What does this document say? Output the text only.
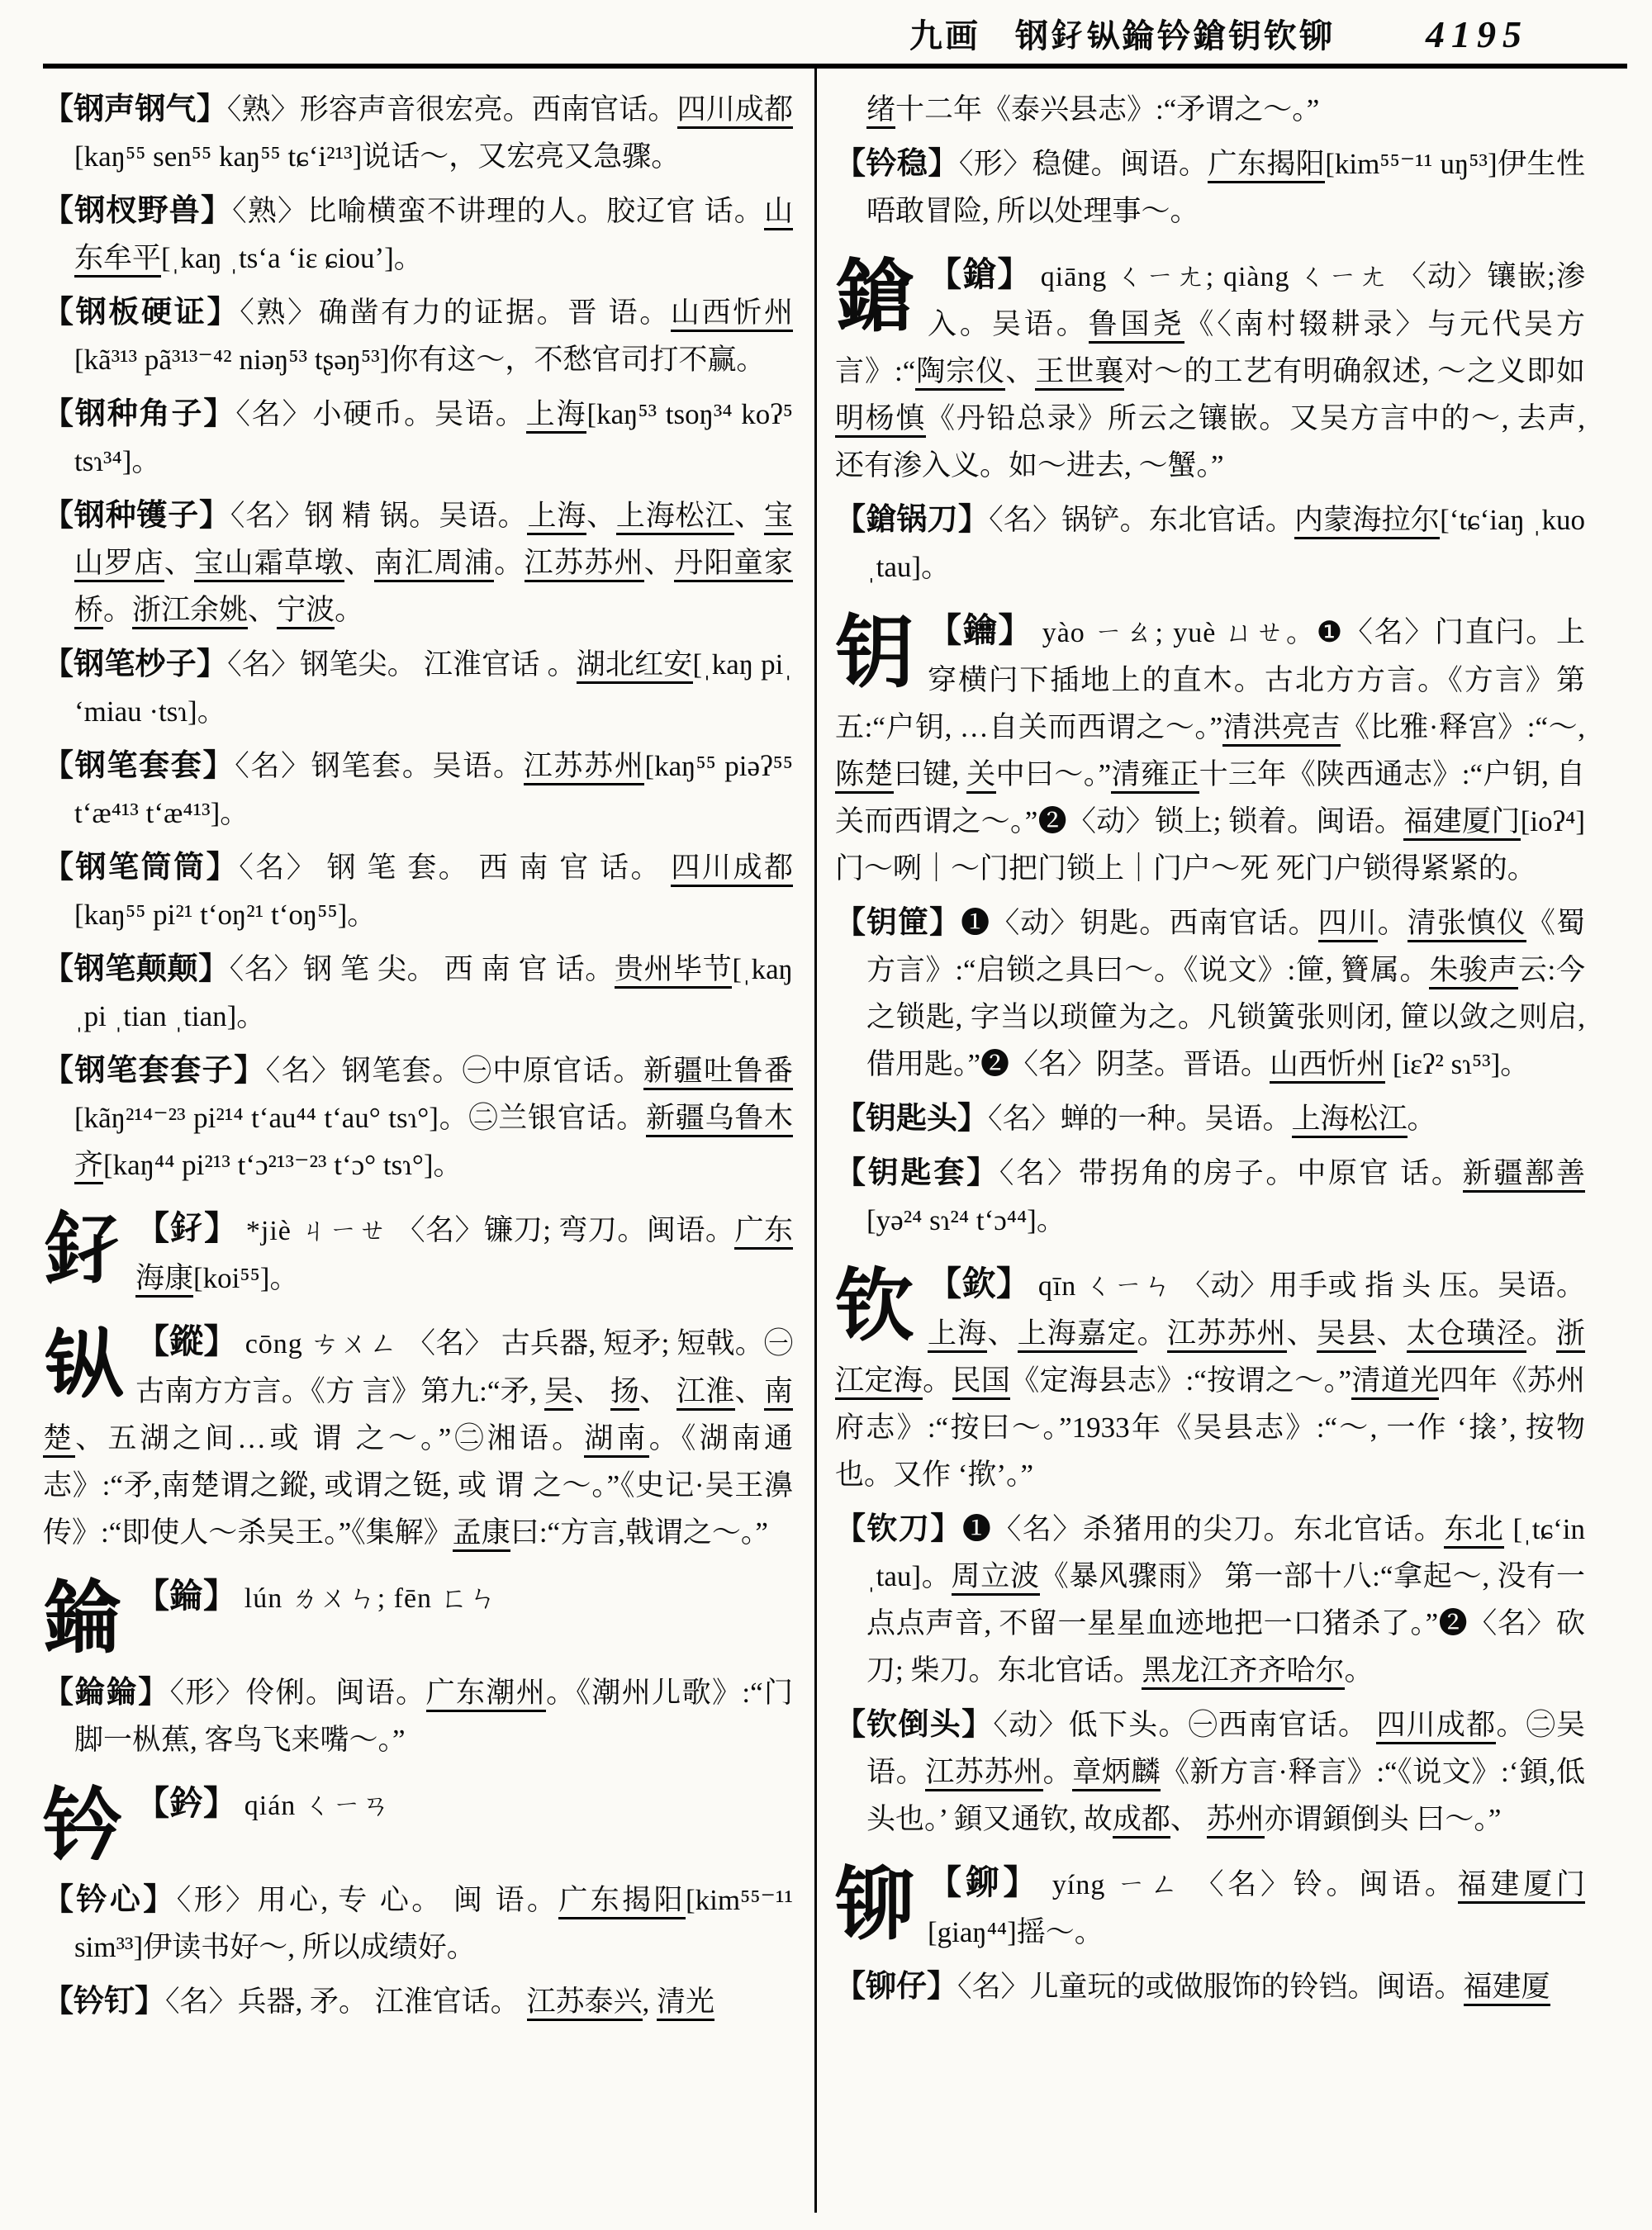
九画 钢𨥂𫓩錀钤鎗钥钦铆 4195
【钢声钢气】〈熟〉形容声音很宏亮。西南官话。四川成都[kaŋ⁵⁵ sen⁵⁵ kaŋ⁵⁵ tɕʻi²¹³]说话～，又宏亮又急骤。
【钢杈野兽】〈熟〉比喻横蛮不讲理的人。胶辽官 话。山东牟平[ˌkaŋ ˌtsʻa ʻiɛ ɕiouʼ]。
【钢板硬证】〈熟〉确凿有力的证据。晋 语。山西忻州[kã³¹³ pã³¹³⁻⁴² niəŋ⁵³ tʂəŋ⁵³]你有这～，不愁官司打不赢。
【钢种角子】〈名〉小硬币。吴语。上海[kaŋ⁵³ tsoŋ³⁴ koʔ⁵ tsɿ³⁴]。
【钢种镬子】〈名〉钢 精 锅。吴语。上海、上海松江、宝山罗店、宝山霜草墩、南汇周浦。江苏苏州、丹阳童家桥。浙江余姚、宁波。
【钢笔杪子】〈名〉钢笔尖。 江淮官话 。湖北红安[ˌkaŋ piˌ ʻmiau ·tsɿ]。
【钢笔套套】〈名〉钢笔套。吴语。江苏苏州[kaŋ⁵⁵ piəʔ⁵⁵ tʻæ⁴¹³ tʻæ⁴¹³]。
【钢笔筒筒】〈名〉 钢 笔 套。 西 南 官 话。 四川成都[kaŋ⁵⁵ pi²¹ tʻoŋ²¹ tʻoŋ⁵⁵]。
【钢笔颠颠】〈名〉钢 笔 尖。 西 南 官 话。贵州毕节[ˌkaŋ ˌpi ˌtian ˌtian]。
【钢笔套套子】〈名〉钢笔套。㊀中原官话。新疆吐鲁番[kãŋ²¹⁴⁻²³ pi²¹⁴ tʻau⁴⁴ tʻau° tsɿ°]。㊁兰银官话。新疆乌鲁木齐[kaŋ⁴⁴ pi²¹³ tʻɔ²¹³⁻²³ tʻɔ° tsɿ°]。
𨥂 【𨥂】 *jiè ㄐㄧㄝ 〈名〉镰刀; 弯刀。闽语。广东海康[koi⁵⁵]。
𫓩 【鏦】 cōng ㄘㄨㄥ 〈名〉 古兵器, 短矛; 短戟。㊀古南方方言。《方 言》第九:“矛, 吴、 扬、 江淮、南楚、五湖之间…或 谓 之～。”㊁湘语。湖南。《湖南通志》:“矛,南楚谓之鏦, 或谓之铤, 或 谓 之～。”《史记·吴王濞传》:“即使人～杀吴王。”《集解》孟康曰:“方言,戟谓之～。”
錀 【錀】 lún ㄌㄨㄣ; fēn ㄈㄣ
【錀錀】〈形〉伶俐。闽语。广东潮州。《潮州儿歌》:“门脚一枞蕉, 客鸟飞来嘴～。”
钤 【鈐】 qián ㄑㄧㄢ
【钤心】〈形〉用心, 专 心。 闽 语。广东揭阳[kim⁵⁵⁻¹¹ sim³³]伊读书好～, 所以成绩好。
【钤钉】〈名〉兵器, 矛。 江淮官话。 江苏泰兴, 清光
绪十二年《泰兴县志》:“矛谓之～。”
【钤稳】〈形〉稳健。闽语。广东揭阳[kim⁵⁵⁻¹¹ uŋ⁵³]伊生性唔敢冒险, 所以处理事～。
鎗 【鎗】 qiāng ㄑㄧㄤ; qiàng ㄑㄧㄤ 〈动〉镶嵌;渗入。吴语。鲁国尧《〈南村辍耕录〉与元代吴方言》:“陶宗仪、王世襄对～的工艺有明确叙述, ～之义即如明杨慎《丹铅总录》所云之镶嵌。又吴方言中的～, 去声, 还有渗入义。如～进去, ～蟹。”
【鎗锅刀】〈名〉锅铲。东北官话。内蒙海拉尔[ʻtɕʻiaŋ ˌkuo ˌtau]。
钥 【鑰】 yào ㄧㄠ; yuè ㄩㄝ。❶〈名〉门直闩。上穿横闩下插地上的直木。古北方方言。《方言》第五:“户钥, …自关而西谓之～。”清洪亮吉《比雅·释宫》:“～, 陈楚曰键, 关中曰～。”清雍正十三年《陕西通志》:“户钥, 自关而西谓之～。”❷〈动〉锁上; 锁着。闽语。福建厦门[ioʔ⁴]门～咧｜～门把门锁上｜门户～死 死门户锁得紧紧的。
【钥筪】❶〈动〉钥匙。西南官话。四川。清张慎仪《蜀方言》:“启锁之具曰～。《说文》:筪, 籫属。朱骏声云:今之锁匙, 字当以琐筪为之。凡锁簧张则闭, 筪以敛之则启, 借用匙。”❷〈名〉阴茎。晋语。山西忻州 [iɛʔ² sɿ⁵³]。
【钥匙头】〈名〉蝉的一种。吴语。上海松江。
【钥匙套】〈名〉带拐角的房子。中原官 话。新疆鄯善[yə²⁴ sɿ²⁴ tʻɔ⁴⁴]。
钦 【欽】 qīn ㄑㄧㄣ 〈动〉用手或 指 头 压。吴语。上海、上海嘉定。江苏苏州、吴县、太仓璜泾。浙江定海。民国《定海县志》:“按谓之～。”清道光四年《苏州府志》:“按曰～。”1933年《吴县志》:“～, 一作 ‘搇’, 按物也。又作 ‘揿’。”
【钦刀】❶〈名〉杀猪用的尖刀。东北官话。东北 [ˌtɕʻin ˌtau]。周立波《暴风骤雨》 第一部十八:“拿起～, 没有一点点声音, 不留一星星血迹地把一口猪杀了。”❷〈名〉砍刀; 柴刀。东北官话。黑龙江齐齐哈尔。
【钦倒头】〈动〉低下头。㊀西南官话。 四川成都。㊁吴语。江苏苏州。章炳麟《新方言·释言》:“《说文》:‘顉,低头也。’ 顉又通钦, 故成都、 苏州亦谓顉倒头 曰～。”
铆 【鉚】 yíng ㄧㄥ 〈名〉铃。闽语。福建厦门[giaŋ⁴⁴]摇～。
【铆仔】〈名〉儿童玩的或做服饰的铃铛。闽语。福建厦
